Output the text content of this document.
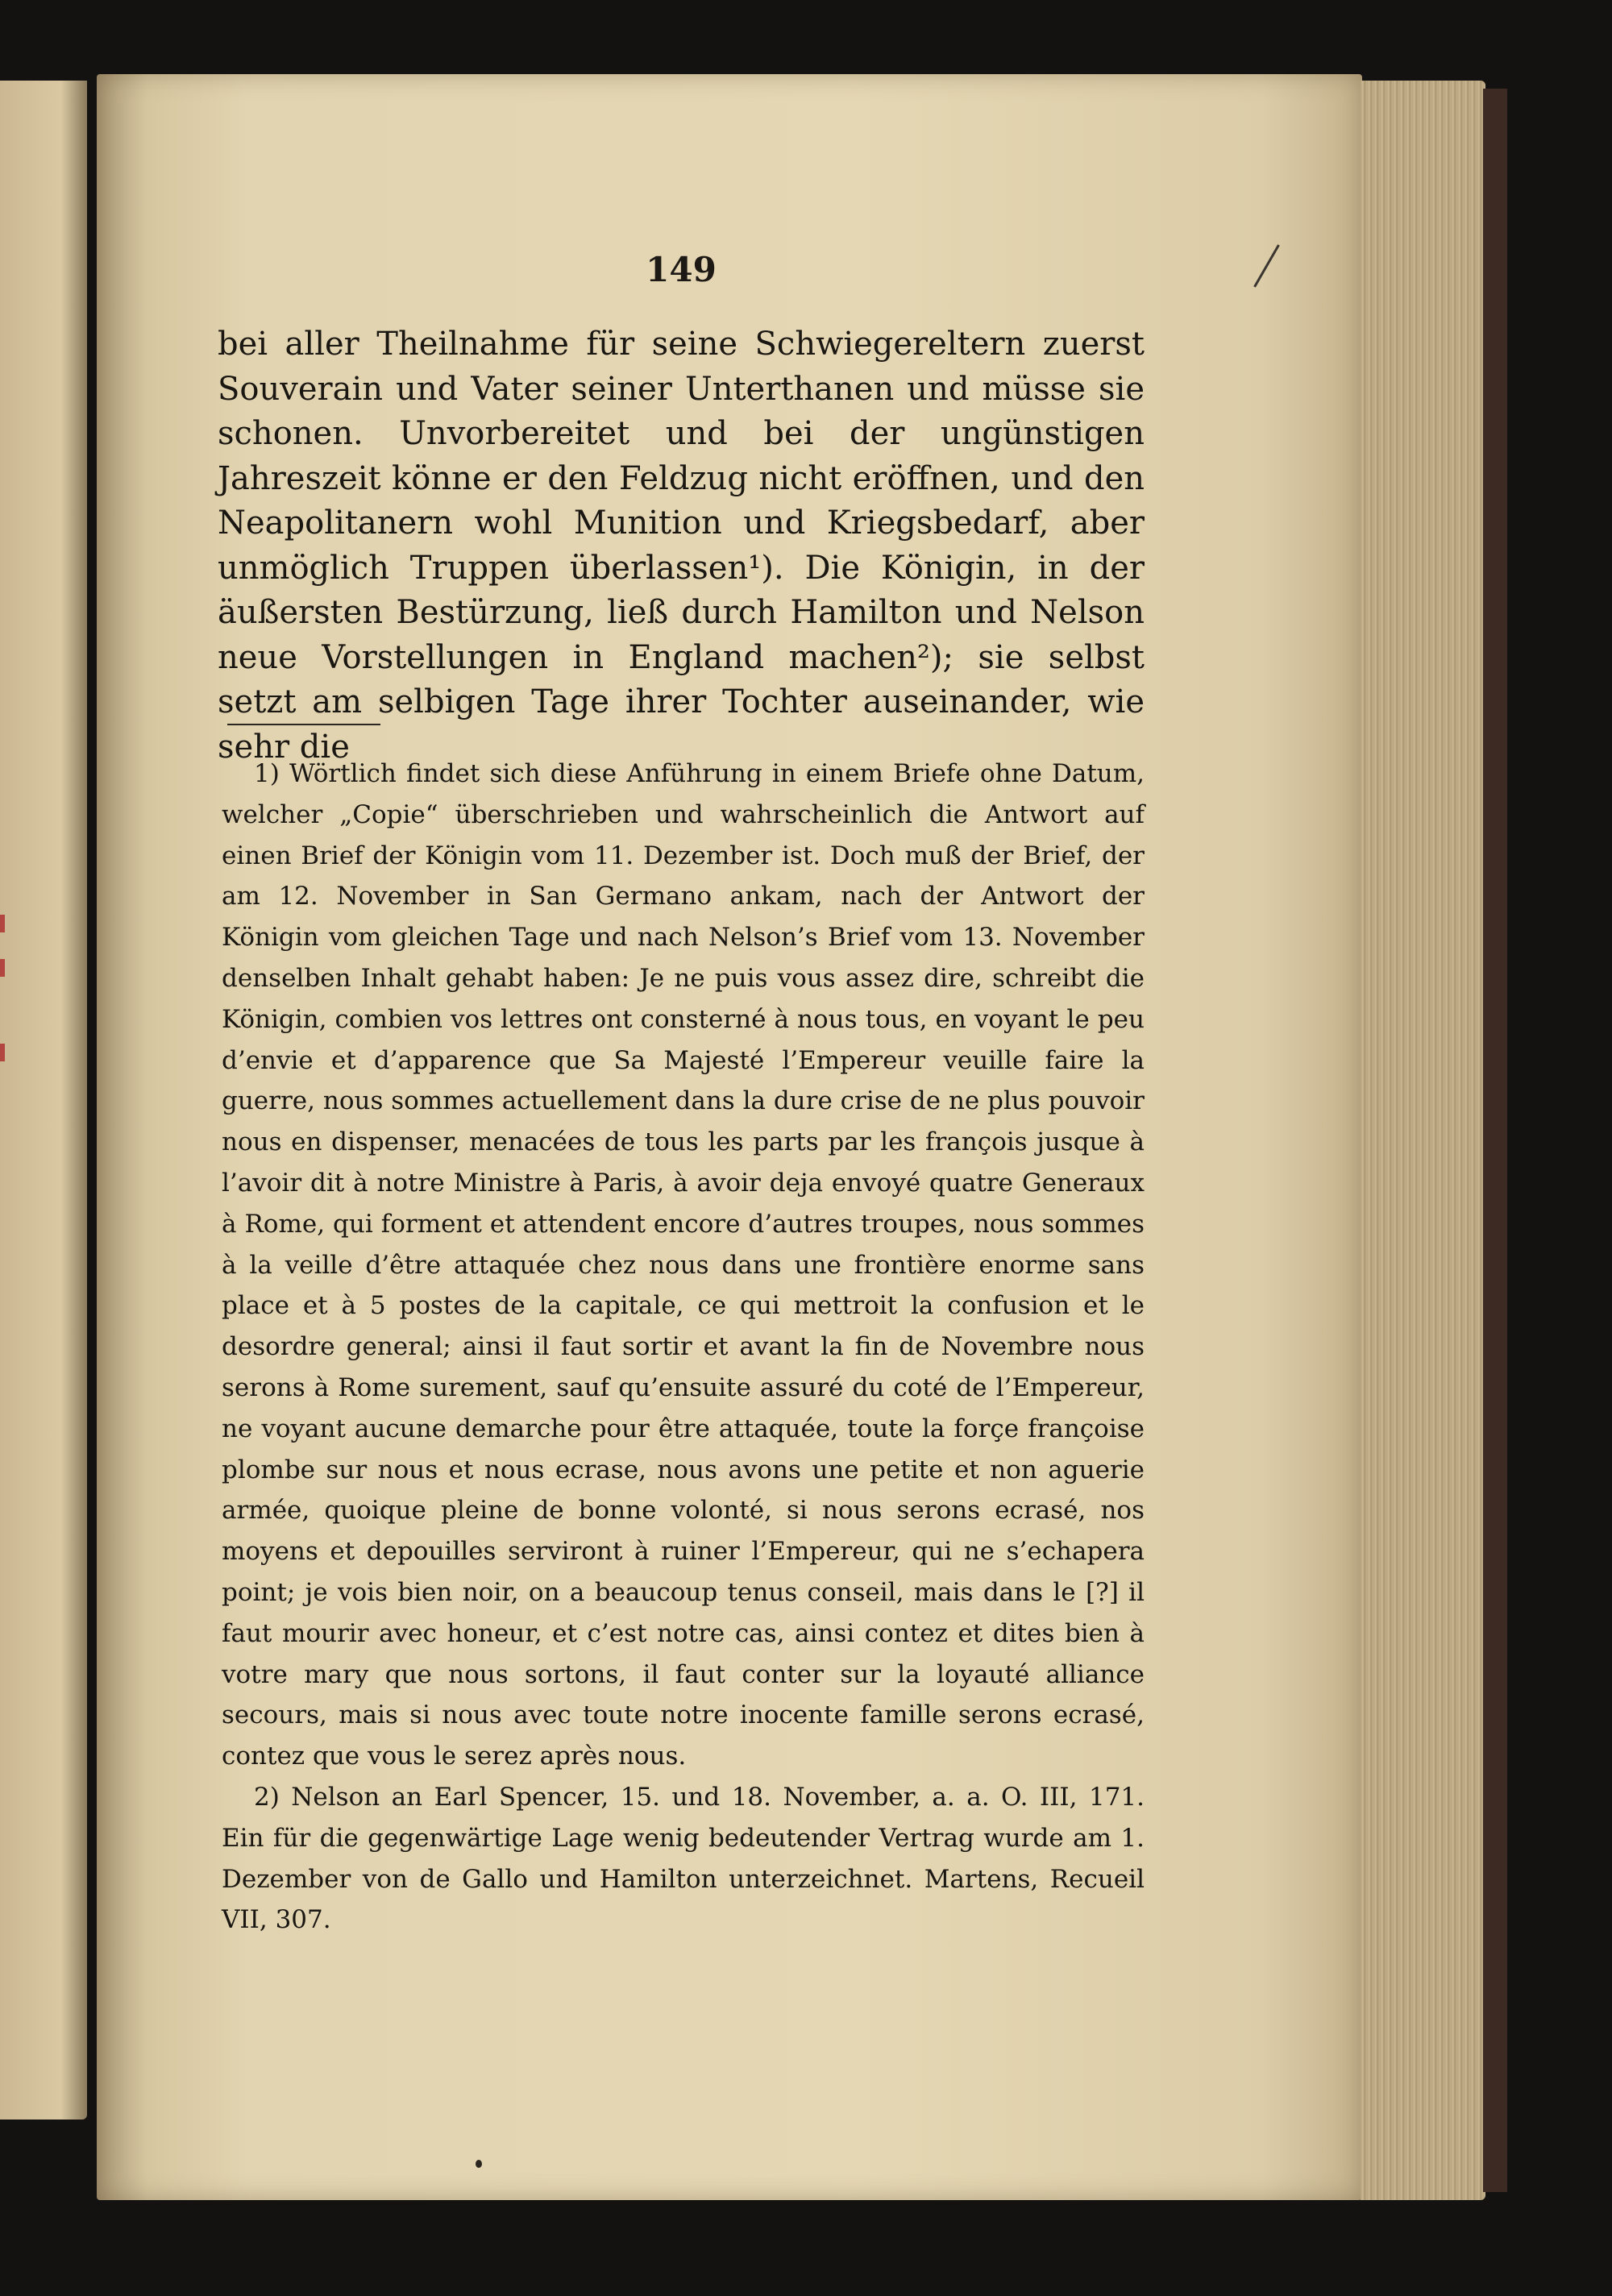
149
bei aller Theilnahme für seine Schwiegereltern zuerst Souverain und Vater seiner Unterthanen und müsse sie schonen. Unvorbereitet und bei der ungünstigen Jahreszeit könne er den Feldzug nicht eröffnen, und den Neapolitanern wohl Munition und Kriegsbedarf, aber unmöglich Truppen überlassen¹). Die Königin, in der äußersten Bestürzung, ließ durch Hamilton und Nelson neue Vorstellungen in England machen²); sie selbst setzt am selbigen Tage ihrer Tochter auseinander, wie sehr die

1) Wörtlich findet sich diese Anführung in einem Briefe ohne Datum, welcher „Copie“ überschrieben und wahrscheinlich die Antwort auf einen Brief der Königin vom 11. Dezember ist. Doch muß der Brief, der am 12. November in San Germano ankam, nach der Antwort der Königin vom gleichen Tage und nach Nelson’s Brief vom 13. November denselben Inhalt gehabt haben: Je ne puis vous assez dire, schreibt die Königin, combien vos lettres ont consterné à nous tous, en voyant le peu d’envie et d’apparence que Sa Majesté l’Empereur veuille faire la guerre, nous sommes actuellement dans la dure crise de ne plus pouvoir nous en dispenser, menacées de tous les parts par les françois jusque à l’avoir dit à notre Ministre à Paris, à avoir deja envoyé quatre Generaux à Rome, qui forment et attendent encore d’autres troupes, nous sommes à la veille d’être attaquée chez nous dans une frontière enorme sans place et à 5 postes de la capitale, ce qui mettroit la confusion et le desordre general; ainsi il faut sortir et avant la fin de Novembre nous serons à Rome surement, sauf qu’ensuite assuré du coté de l’Empereur, ne voyant aucune demarche pour être attaquée, toute la forçe françoise plombe sur nous et nous ecrase, nous avons une petite et non aguerie armée, quoique pleine de bonne volonté, si nous serons ecrasé, nos moyens et depouilles serviront à ruiner l’Empereur, qui ne s’echapera point; je vois bien noir, on a beaucoup tenus conseil, mais dans le [?] il faut mourir avec honeur, et c’est notre cas, ainsi contez et dites bien à votre mary que nous sortons, il faut conter sur la loyauté alliance secours, mais si nous avec toute notre inocente famille serons ecrasé, contez que vous le serez après nous.

2) Nelson an Earl Spencer, 15. und 18. November, a. a. O. III, 171. Ein für die gegenwärtige Lage wenig bedeutender Vertrag wurde am 1. Dezember von de Gallo und Hamilton unterzeichnet. Martens, Recueil VII, 307.
